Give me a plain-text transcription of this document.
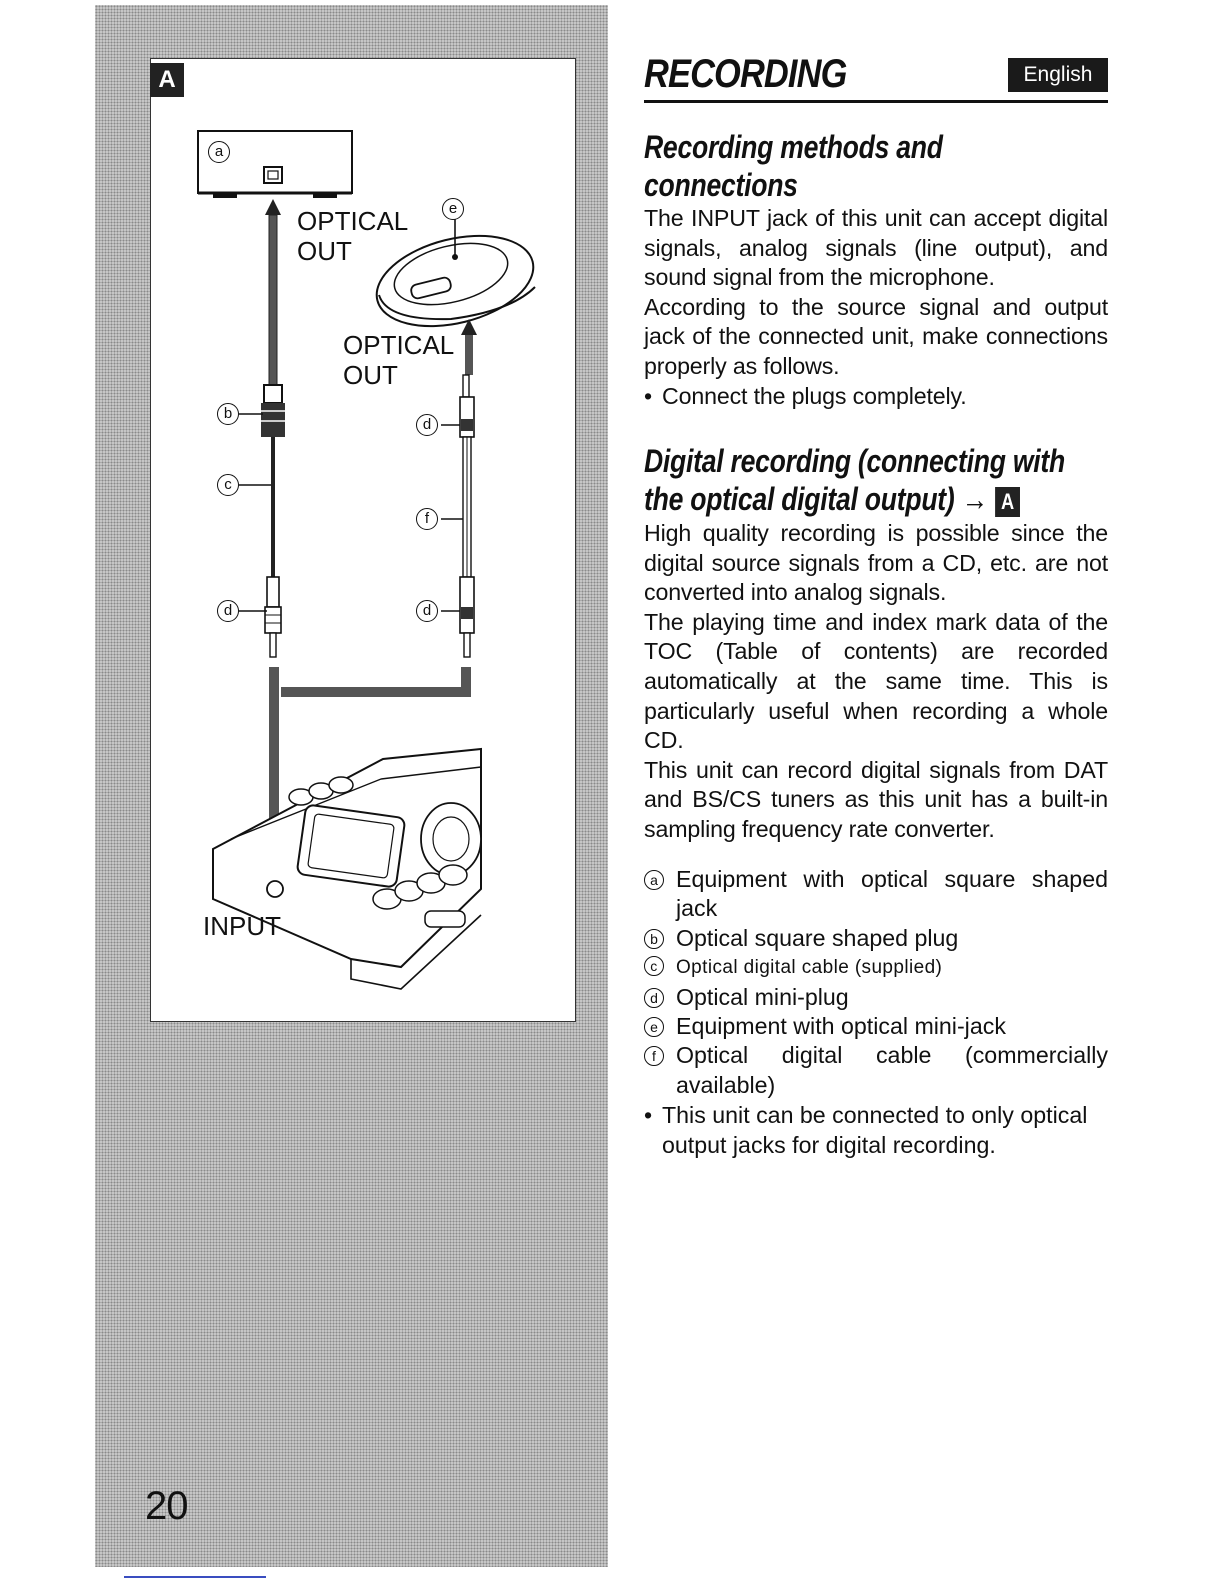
a
e
b
c
d
d
f
d
OPTICAL
OUT
OPTICAL
OUT
INPUT
A
20
RECORDING	English
Recording methods and
connections

The INPUT jack of this unit can accept digital signals, analog signals (line output), and sound signal from the microphone.

According to the source signal and output jack of the connected unit, make connections properly as follows.

• Connect the plugs completely.
Digital recording (connecting with
the optical digital output) → A

High quality recording is possible since the digital source signals from a CD, etc. are not converted into analog signals.

The playing time and index mark data of the TOC (Table of contents) are recorded automatically at the same time. This is particularly useful when recording a whole CD.

This unit can record digital signals from DAT and BS/CS tuners as this unit has a built-in sampling frequency rate converter.

a Equipment with optical square shaped jack
b Optical square shaped plug
c Optical digital cable (supplied)
d Optical mini-plug
e Equipment with optical mini-jack
f Optical digital cable (commercially available)
• This unit can be connected to only optical output jacks for digital recording.
